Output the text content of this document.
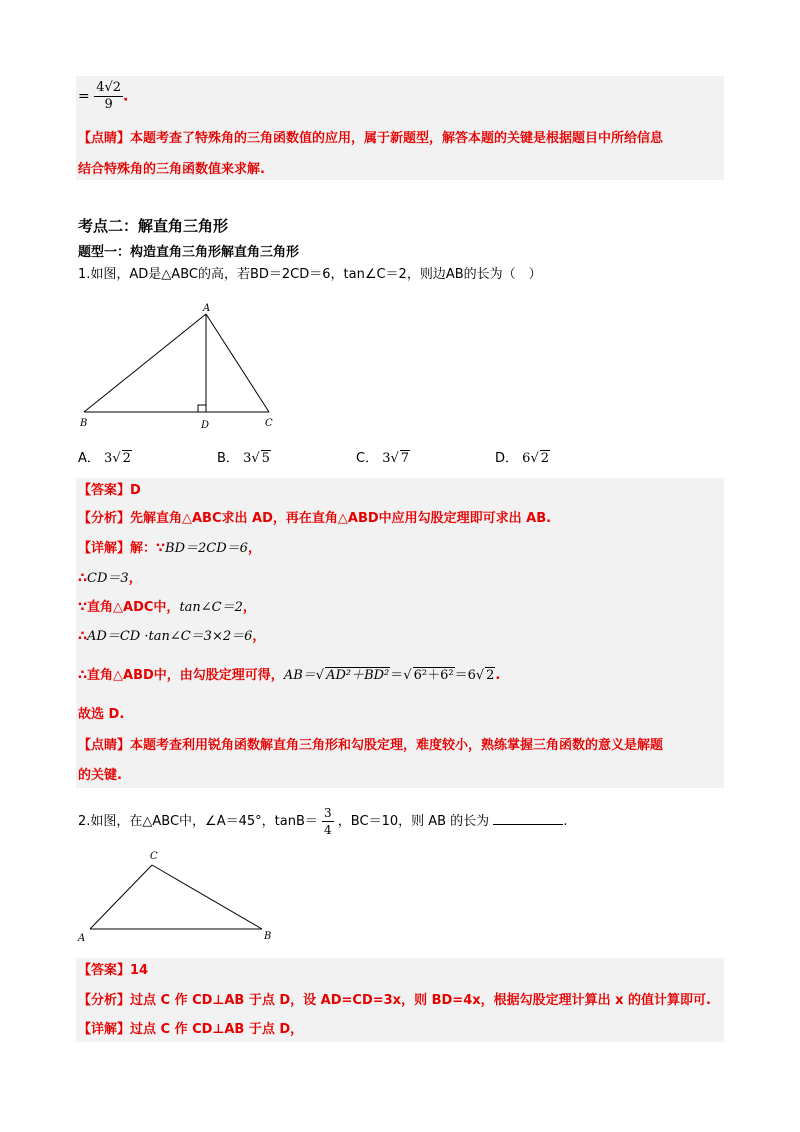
= $\frac{4√2}{9}$ .
【点睛】本题考查了特殊角的三角函数值的应用，属于新题型，解答本题的关键是根据题目中所给信息
结合特殊角的三角函数值来求解.
考点二：解直角三角形
题型一：构造直角三角形解直角三角形
1.如图，AD是△ABC的高，若BD＝2CD＝6，tan∠C＝2，则边AB的长为（　）
A
B	D	C
A． 3√ 2	B． 3√ 5	C． 3√ 7	D． 6√ 2
【答案】D
【分析】先解直角△ABC求出 AD，再在直角△ABD中应用勾股定理即可求出 AB.
【详解】解：∵BD＝2CD＝6，
∴CD＝3，
∵直角△ADC中，tan∠C＝2，
∴AD＝CD ·tan∠C＝3×2＝6，
∴直角△ABD中，由勾股定理可得，AB＝√ AD²＋BD²＝√ 6²＋6²＝6√ 2.
故选 D.
【点睛】本题考查利用锐角函数解直角三角形和勾股定理，难度较小，熟练掌握三角函数的意义是解题
的关键.
2.如图，在△ABC中，∠A＝45°，$\tan B= \frac{3}{4}$ ，BC＝10，则 AB 的长为	.
C
A	B
【答案】14
【分析】过点 C 作 CD⊥AB 于点 D，设 AD=CD=3x，则 BD=4x，根据勾股定理计算出 x 的值计算即可.
【详解】过点 C 作 CD⊥AB 于点 D，
